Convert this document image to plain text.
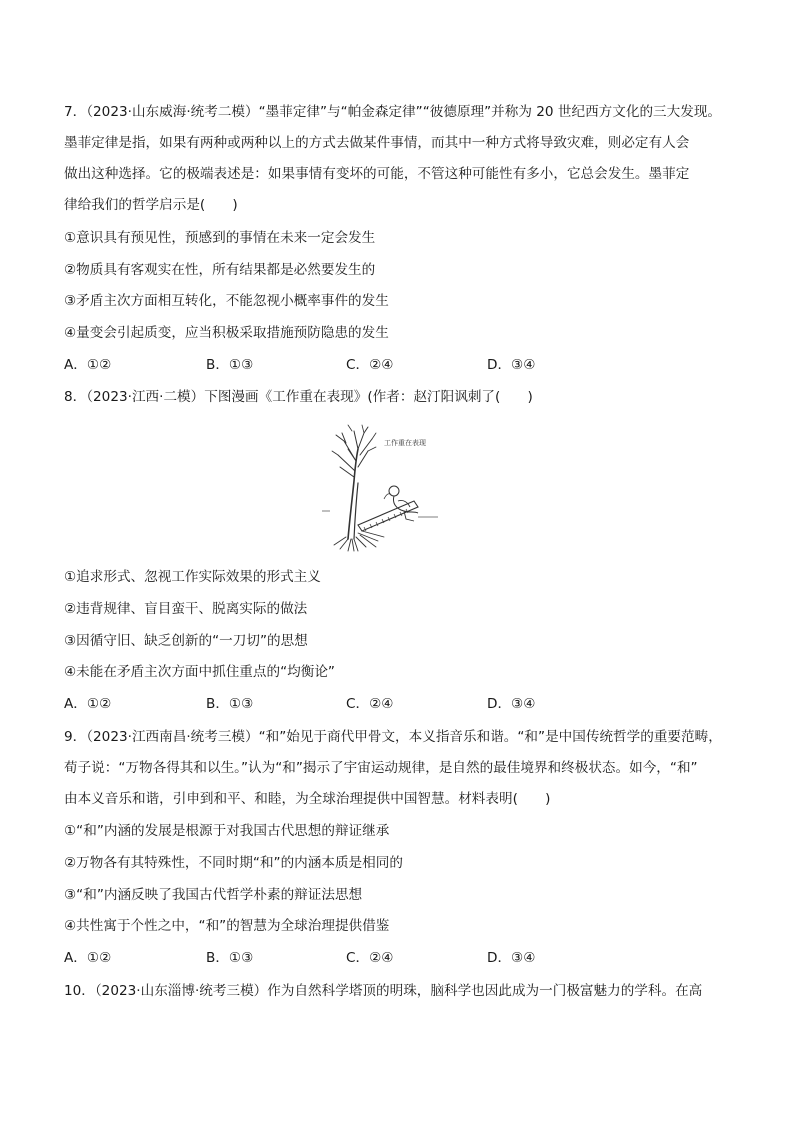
7．（2023·山东威海·统考二模）“墨菲定律”与“帕金森定律”“彼德原理”并称为 20 世纪西方文化的三大发现。
墨菲定律是指，如果有两种或两种以上的方式去做某件事情，而其中一种方式将导致灾难，则必定有人会
做出这种选择。它的极端表述是：如果事情有变坏的可能，不管这种可能性有多小，它总会发生。墨菲定
律给我们的哲学启示是(　　)
①意识具有预见性，预感到的事情在未来一定会发生
②物质具有客观实在性，所有结果都是必然要发生的
③矛盾主次方面相互转化，不能忽视小概率事件的发生
④量变会引起质变，应当积极采取措施预防隐患的发生
A．①②	B．①③	C．②④	D．③④
8．（2023·江西·二模）下图漫画《工作重在表现》(作者：赵汀阳讽刺了(　　)
工作重在表现
①追求形式、忽视工作实际效果的形式主义
②违背规律、盲目蛮干、脱离实际的做法
③因循守旧、缺乏创新的“一刀切”的思想
④未能在矛盾主次方面中抓住重点的“均衡论”
A．①②	B．①③	C．②④	D．③④
9．（2023·江西南昌·统考三模）“和”始见于商代甲骨文，本义指音乐和谐。“和”是中国传统哲学的重要范畴，
荀子说：“万物各得其和以生。”认为“和”揭示了宇宙运动规律，是自然的最佳境界和终极状态。如今，“和”
由本义音乐和谐，引申到和平、和睦，为全球治理提供中国智慧。材料表明(　　)
①“和”内涵的发展是根源于对我国古代思想的辩证继承
②万物各有其特殊性，不同时期“和”的内涵本质是相同的
③“和”内涵反映了我国古代哲学朴素的辩证法思想
④共性寓于个性之中，“和”的智慧为全球治理提供借鉴
A．①②	B．①③	C．②④	D．③④
10．（2023·山东淄博·统考三模）作为自然科学塔顶的明珠，脑科学也因此成为一门极富魅力的学科。在高
